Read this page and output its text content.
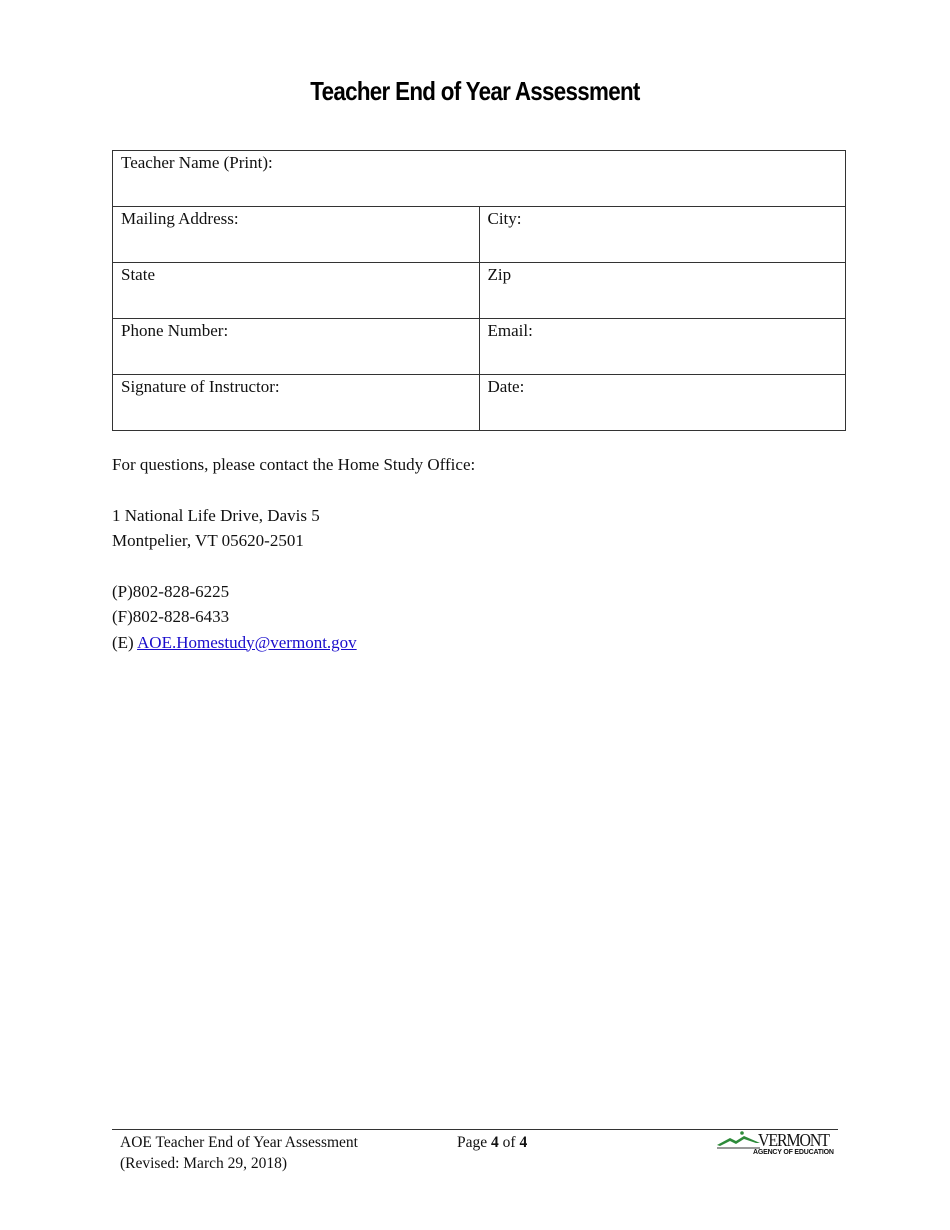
Teacher End of Year Assessment
Teacher Name (Print):	
Mailing Address:	City:
State	Zip
Phone Number:	Email:
Signature of Instructor:	Date:

For questions, please contact the Home Study Office:

1 National Life Drive, Davis 5

Montpelier, VT 05620-2501

(P)802-828-6225

(F)802-828-6433

(E) AOE.Homestudy@vermont.gov

AOE Teacher End of Year Assessment
(Revised: March 29, 2018)
Page 4 of 4	VERMONT
AGENCY OF EDUCATION
